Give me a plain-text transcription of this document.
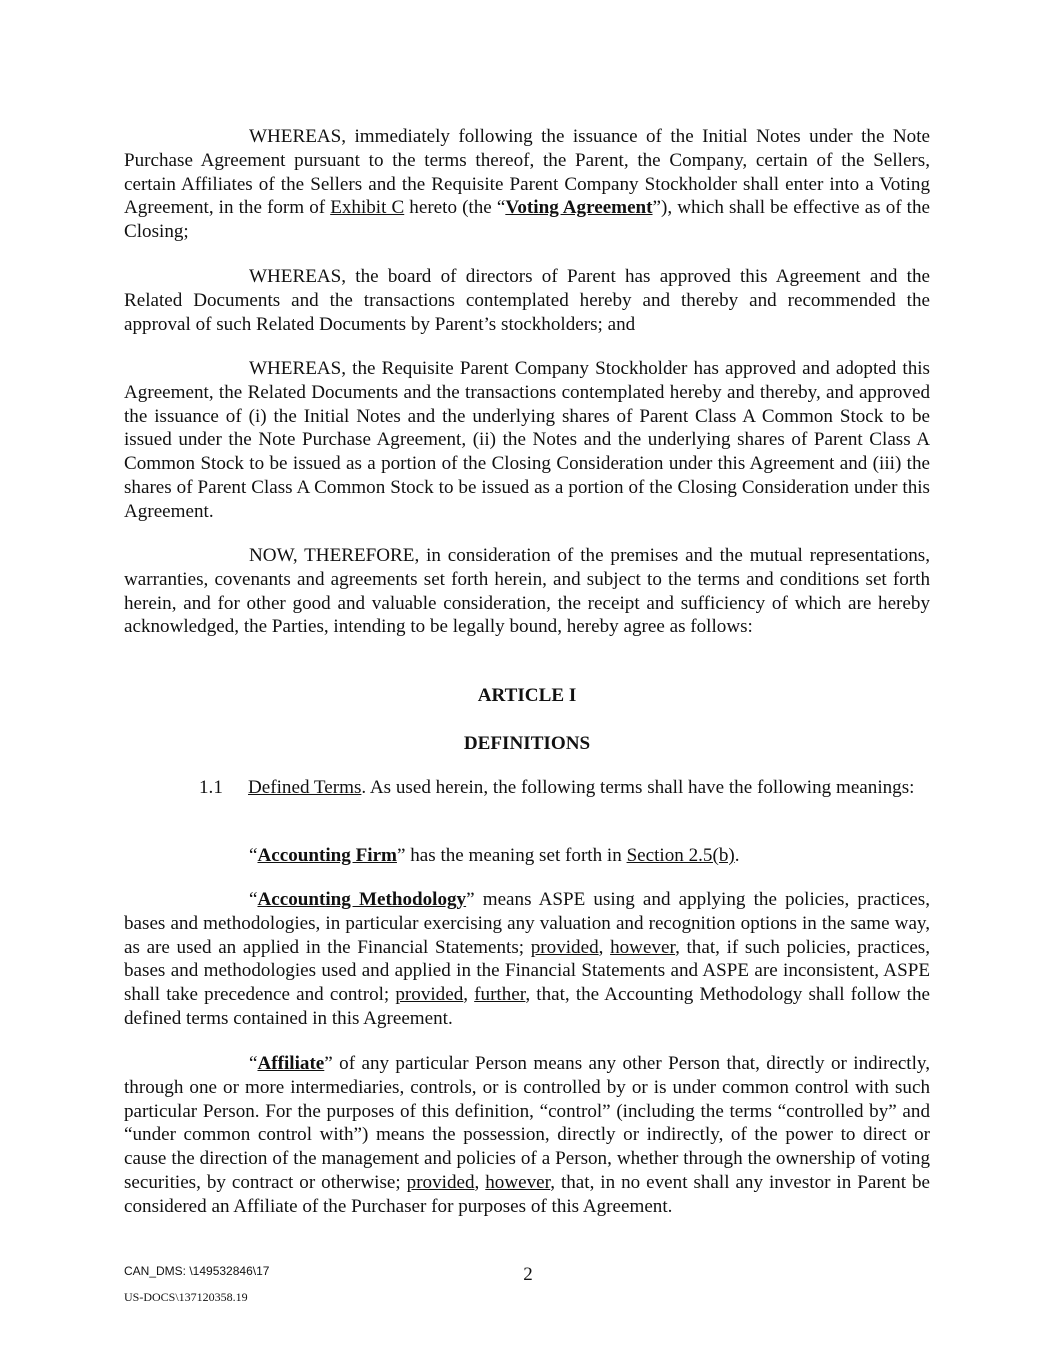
WHEREAS, immediately following the issuance of the Initial Notes under the Note Purchase Agreement pursuant to the terms thereof, the Parent, the Company, certain of the Sellers, certain Affiliates of the Sellers and the Requisite Parent Company Stockholder shall enter into a Voting Agreement, in the form of Exhibit C hereto (the “Voting Agreement”), which shall be effective as of the Closing;

WHEREAS, the board of directors of Parent has approved this Agreement and the Related Documents and the transactions contemplated hereby and thereby and recommended the approval of such Related Documents by Parent’s stockholders; and

WHEREAS, the Requisite Parent Company Stockholder has approved and adopted this Agreement, the Related Documents and the transactions contemplated hereby and thereby, and approved the issuance of (i) the Initial Notes and the underlying shares of Parent Class A Common Stock to be issued under the Note Purchase Agreement, (ii) the Notes and the underlying shares of Parent Class A Common Stock to be issued as a portion of the Closing Consideration under this Agreement and (iii) the shares of Parent Class A Common Stock to be issued as a portion of the Closing Consideration under this Agreement.

NOW, THEREFORE, in consideration of the premises and the mutual representations, warranties, covenants and agreements set forth herein, and subject to the terms and conditions set forth herein, and for other good and valuable consideration, the receipt and sufficiency of which are hereby acknowledged, the Parties, intending to be legally bound, hereby agree as follows:

ARTICLE I

DEFINITIONS

1.1 Defined Terms. As used herein, the following terms shall have the following meanings:

“Accounting Firm” has the meaning set forth in Section 2.5(b).

“Accounting Methodology” means ASPE using and applying the policies, practices, bases and methodologies, in particular exercising any valuation and recognition options in the same way, as are used an applied in the Financial Statements; provided, however, that, if such policies, practices, bases and methodologies used and applied in the Financial Statements and ASPE are inconsistent, ASPE shall take precedence and control; provided, further, that, the Accounting Methodology shall follow the defined terms contained in this Agreement.

“Affiliate” of any particular Person means any other Person that, directly or indirectly, through one or more intermediaries, controls, or is controlled by or is under common control with such particular Person. For the purposes of this definition, “control” (including the terms “controlled by” and “under common control with”) means the possession, directly or indirectly, of the power to direct or cause the direction of the management and policies of a Person, whether through the ownership of voting securities, by contract or otherwise; provided, however, that, in no event shall any investor in Parent be considered an Affiliate of the Purchaser for purposes of this Agreement.

CAN_DMS: \149532846\17	2

US-DOCS\137120358.19
